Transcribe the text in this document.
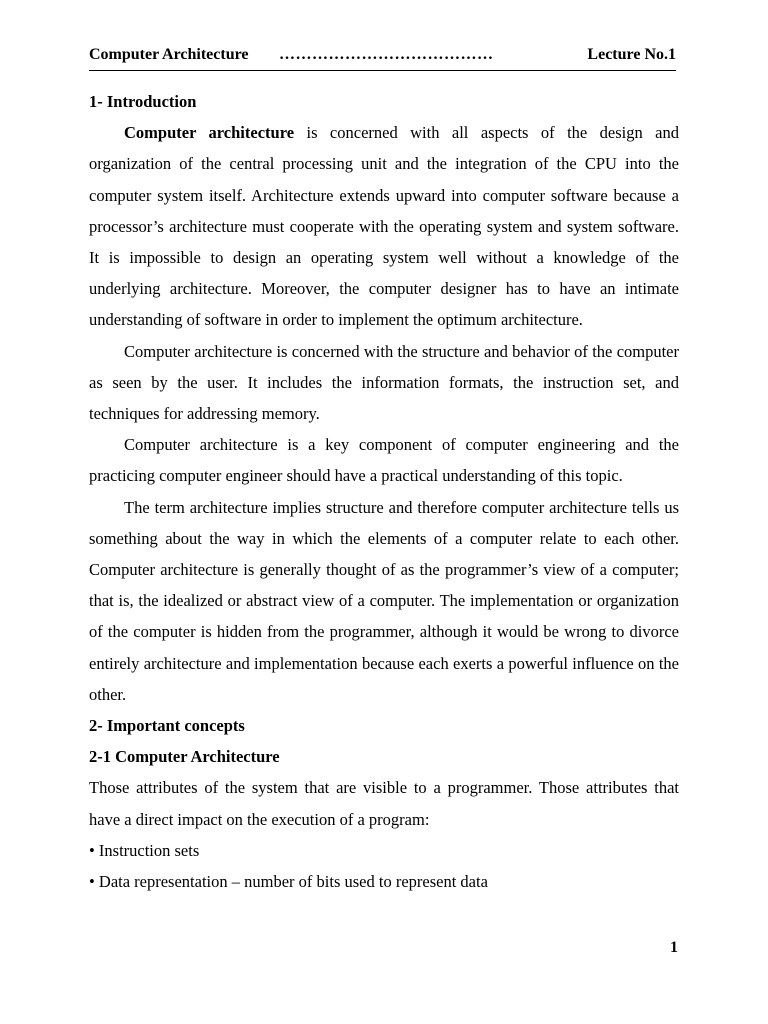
Computer Architecture …………………………………	Lecture No.1
1- Introduction

Computer architecture is concerned with all aspects of the design and organization of the central processing unit and the integration of the CPU into the computer system itself. Architecture extends upward into computer software because a processor’s architecture must cooperate with the operating system and system software. It is impossible to design an operating system well without a knowledge of the underlying architecture. Moreover, the computer designer has to have an intimate understanding of software in order to implement the optimum architecture.

Computer architecture is concerned with the structure and behavior of the computer as seen by the user. It includes the information formats, the instruction set, and techniques for addressing memory.

Computer architecture is a key component of computer engineering and the practicing computer engineer should have a practical understanding of this topic.

The term architecture implies structure and therefore computer architecture tells us something about the way in which the elements of a computer relate to each other. Computer architecture is generally thought of as the programmer’s view of a computer; that is, the idealized or abstract view of a computer. The implementation or organization of the computer is hidden from the programmer, although it would be wrong to divorce entirely architecture and implementation because each exerts a powerful influence on the other.

2- Important concepts
2-1 Computer Architecture

Those attributes of the system that are visible to a programmer. Those attributes that have a direct impact on the execution of a program:

• Instruction sets

• Data representation – number of bits used to represent data

1
